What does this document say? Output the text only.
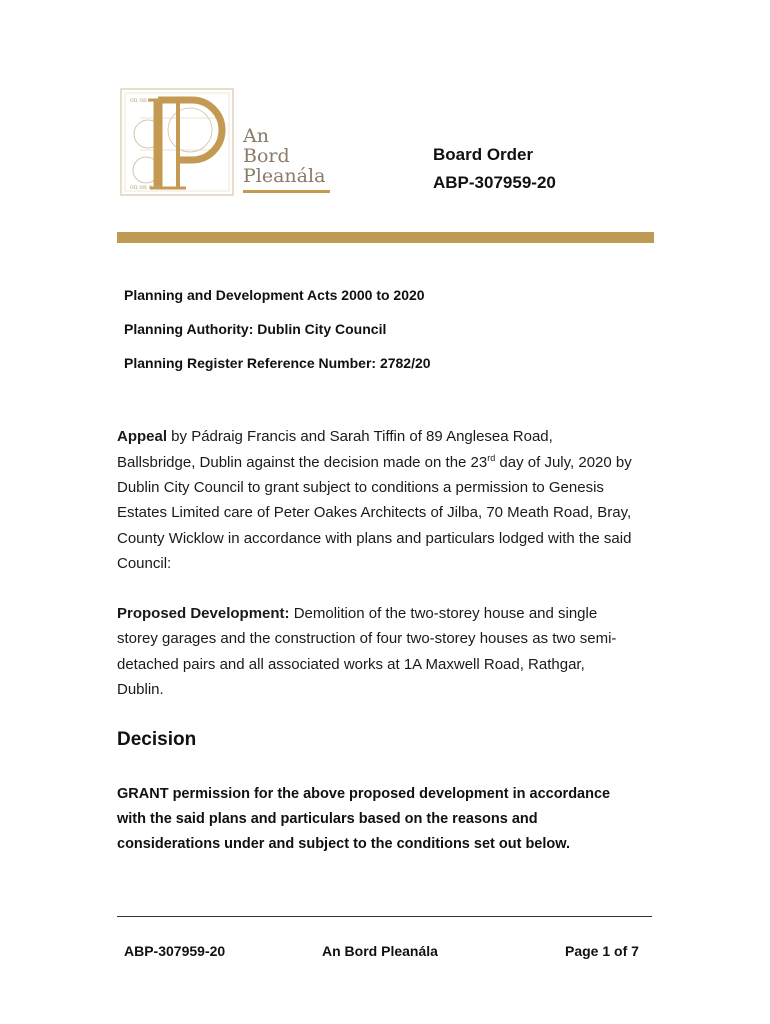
on on o i i
on on o i i
An
Bord
Pleanála
Board Order
ABP-307959-20
Planning and Development Acts 2000 to 2020
Planning Authority: Dublin City Council
Planning Register Reference Number: 2782/20
Appeal by Pádraig Francis and Sarah Tiffin of 89 Anglesea Road,
Ballsbridge, Dublin against the decision made on the 23rd day of July, 2020 by
Dublin City Council to grant subject to conditions a permission to Genesis
Estates Limited care of Peter Oakes Architects of Jilba, 70 Meath Road, Bray,
County Wicklow in accordance with plans and particulars lodged with the said
Council:
Proposed Development: Demolition of the two-storey house and single
storey garages and the construction of four two-storey houses as two semi-
detached pairs and all associated works at 1A Maxwell Road, Rathgar,
Dublin.
Decision
GRANT permission for the above proposed development in accordance
with the said plans and particulars based on the reasons and
considerations under and subject to the conditions set out below.
ABP-307959-20	An Bord Pleanála	Page 1 of 7
